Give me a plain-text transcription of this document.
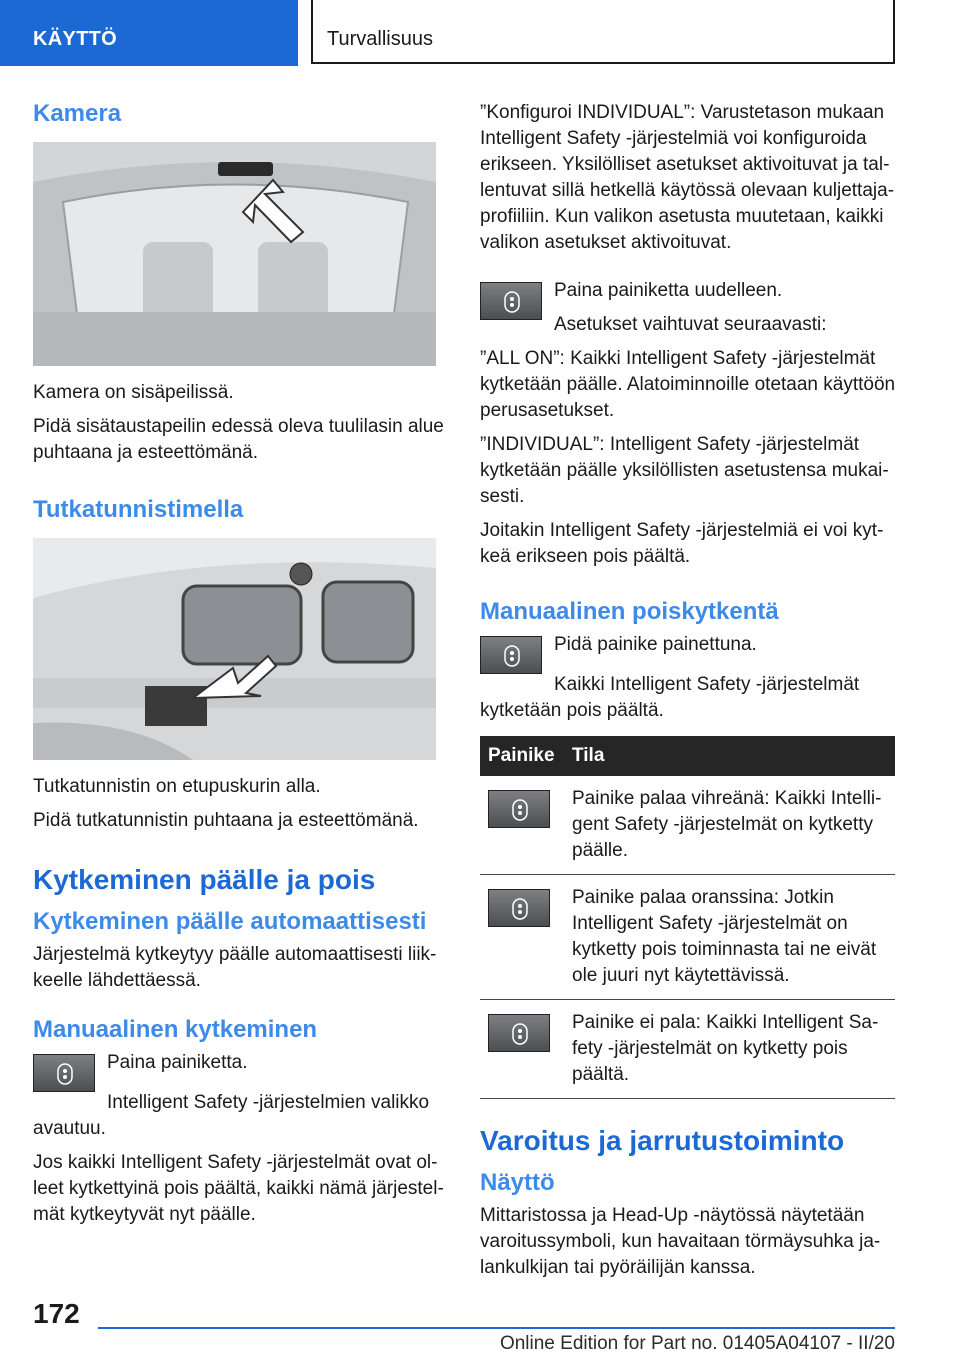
KÄYTTÖ	Turvallisuus
Kamera

Kamera on sisäpeilissä.

Pidä sisätaustapeilin edessä oleva tuulilasin alue puhtaana ja esteettömänä.

Tutkatunnistimella

Tutkatunnistin on etupuskurin alla.

Pidä tutkatunnistin puhtaana ja esteettömänä.

Kytkeminen päälle ja pois
Kytkeminen päälle automaattisesti

Järjestelmä kytkeytyy päälle automaattisesti liikkeelle lähdettäessä.

Manuaalinen kytkeminen

Paina painiketta.

Intelligent Safety -järjestelmien valikko avautuu.

Jos kaikki Intelligent Safety -järjestelmät ovat olleet kytkettyinä pois päältä, kaikki nämä järjestelmät kytkeytyvät nyt päälle.

”Konfiguroi INDIVIDUAL”: Varustetason mukaan Intelligent Safety -järjestelmiä voi konfiguroida erikseen. Yksilölliset asetukset aktivoituvat ja tallentuvat sillä hetkellä käytössä olevaan kuljettajaprofiiliin. Kun valikon asetusta muutetaan, kaikki valikon asetukset aktivoituvat.

Paina painiketta uudelleen.

Asetukset vaihtuvat seuraavasti:

”ALL ON”: Kaikki Intelligent Safety -järjestelmät kytketään päälle. Alatoiminnoille otetaan käyttöön perusasetukset.

”INDIVIDUAL”: Intelligent Safety -järjestelmät kytketään päälle yksilöllisten asetustensa mukaisesti.

Joitakin Intelligent Safety -järjestelmiä ei voi kytkeä erikseen pois päältä.

Manuaalinen poiskytkentä

Pidä painike painettuna.

Kaikki Intelligent Safety -järjestelmät kytketään pois päältä.

Painike	Tila

	Painike palaa vihreänä: Kaikki Intelligent Safety -järjestelmät on kytketty päälle.

	Painike palaa oranssina: Jotkin Intelligent Safety -järjestelmät on kytketty pois toiminnasta tai ne eivät ole juuri nyt käytettävissä.

	Painike ei pala: Kaikki Intelligent Safety -järjestelmät on kytketty pois päältä.
Varoitus ja jarrutustoiminto
Näyttö

Mittaristossa ja Head-Up -näytössä näytetään varoitussymboli, kun havaitaan törmäysuhka jalankulkijan tai pyöräilijän kanssa.

172
Online Edition for Part no. 01405A04107 - II/20
